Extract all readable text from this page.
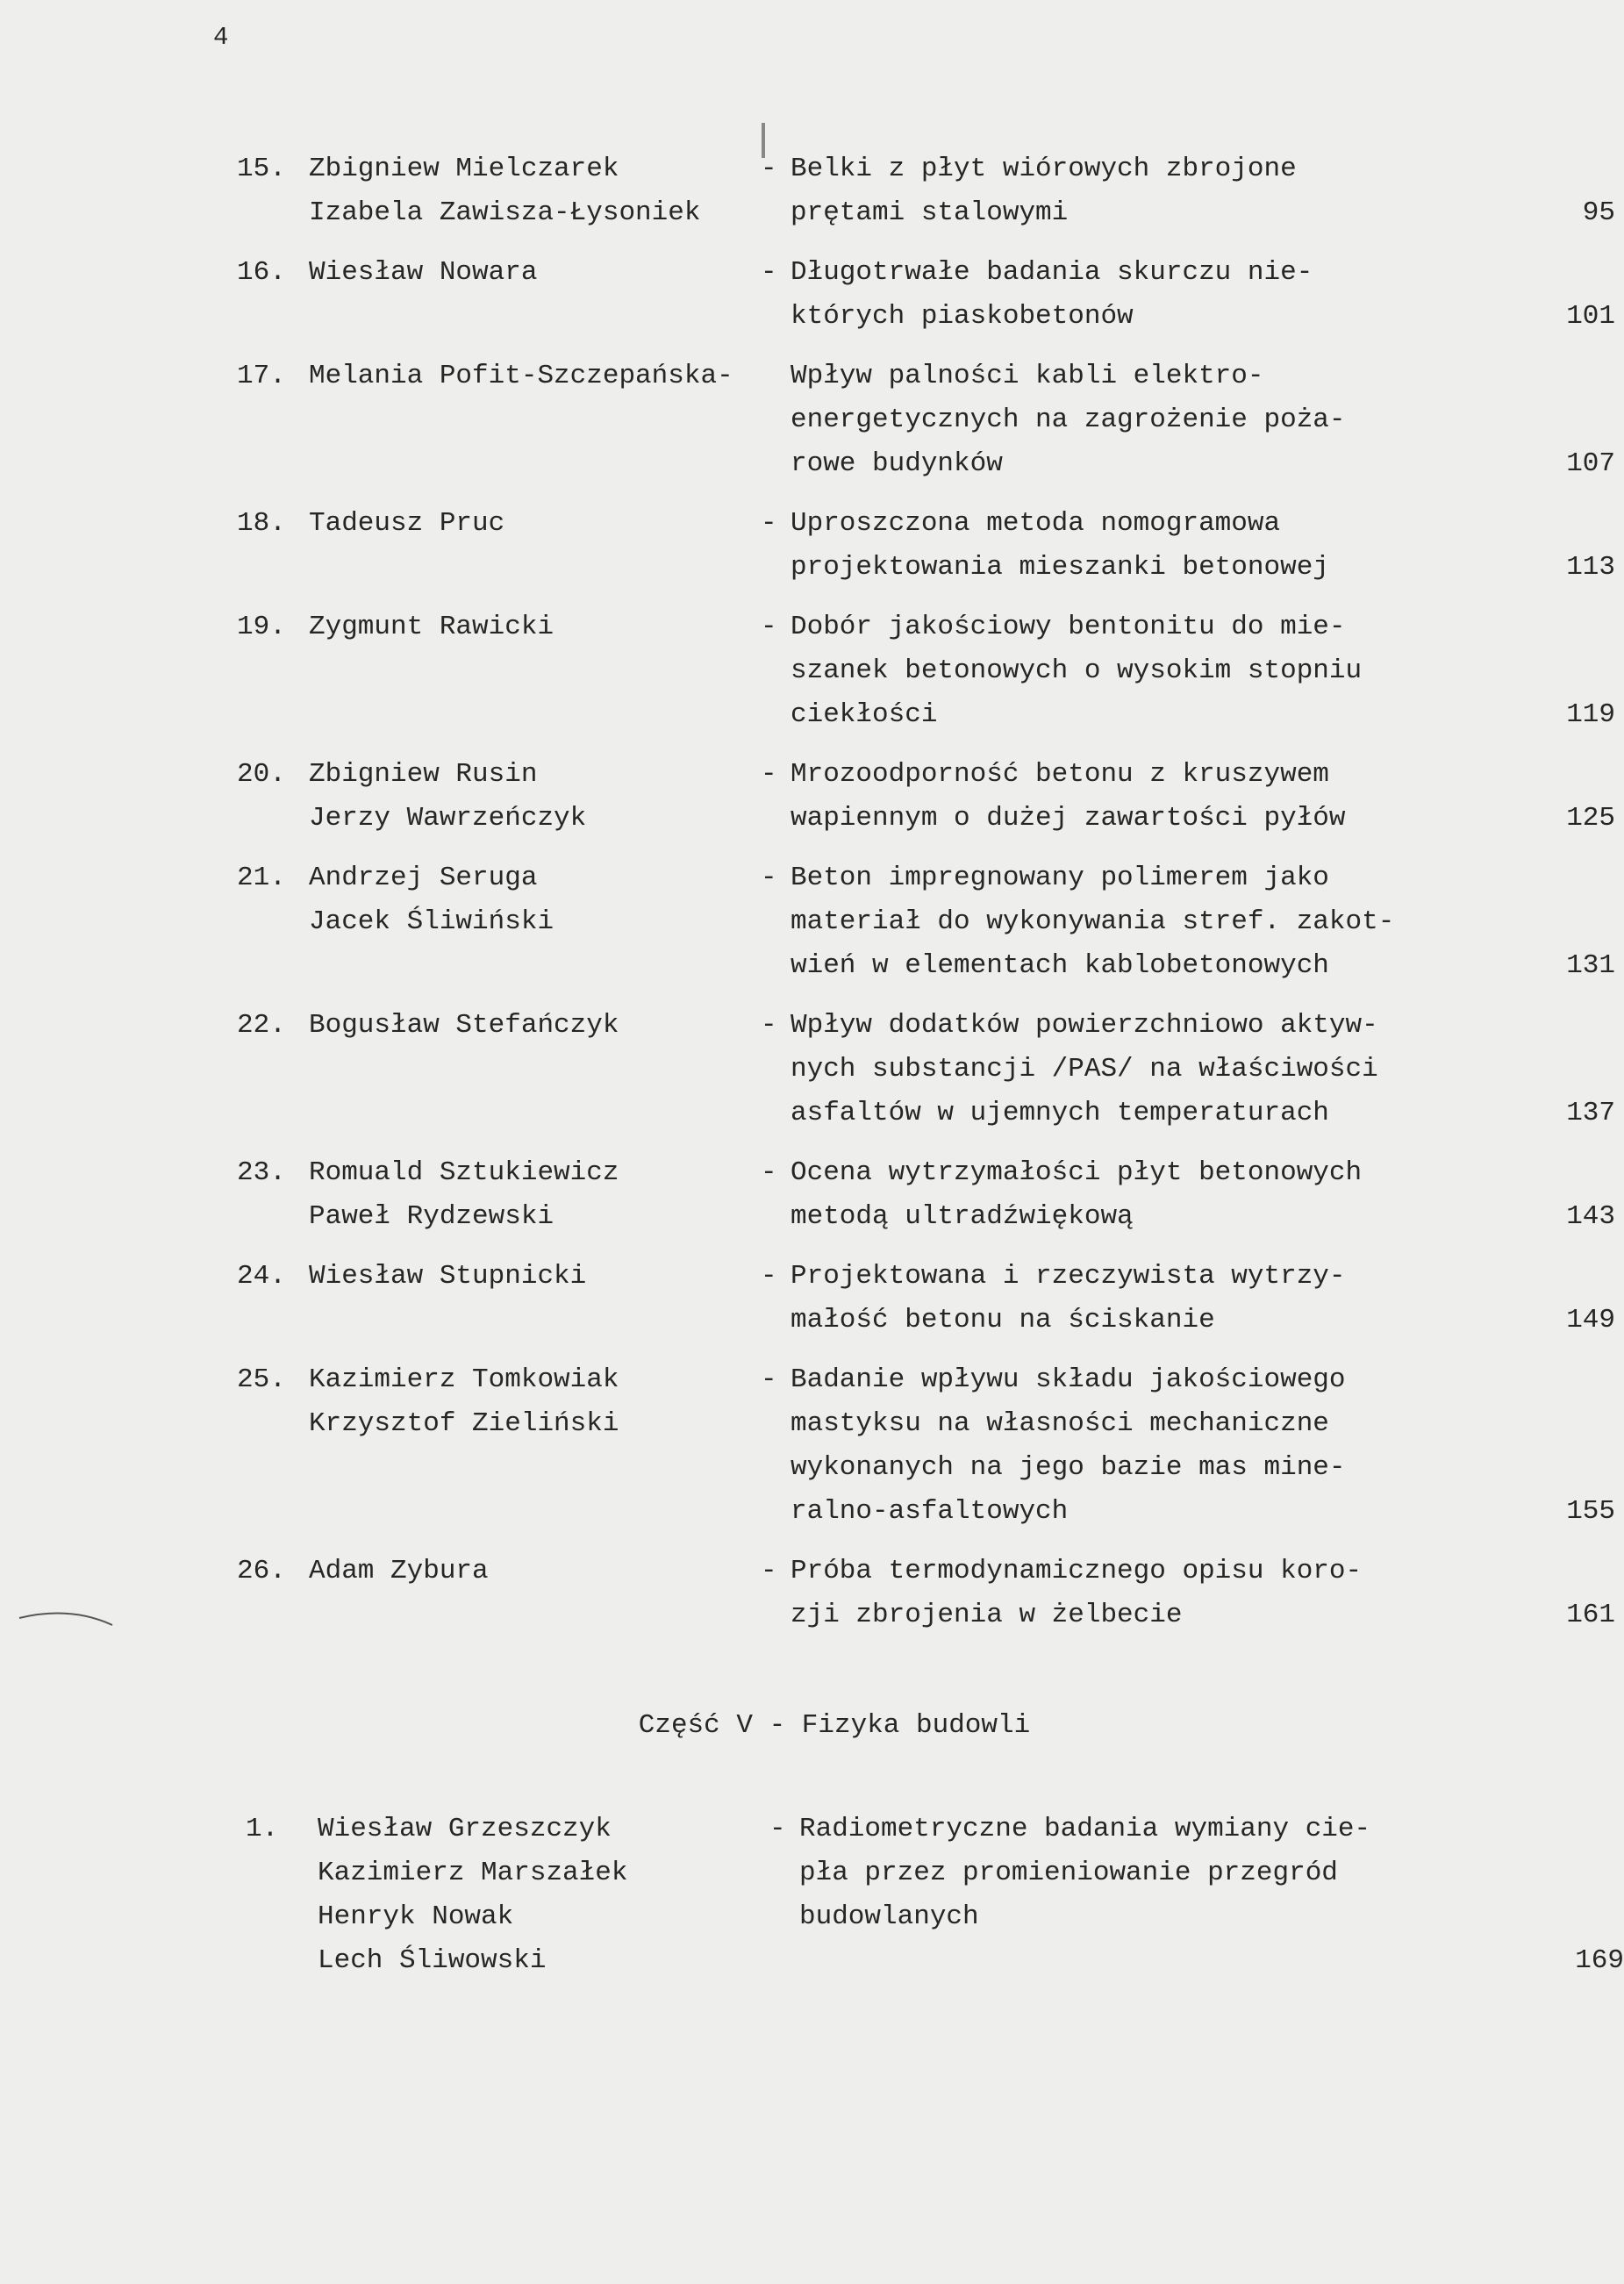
4
15. Zbigniew Mielczarek
Izabela Zawisza-Łysoniek
- Belki z płyt wiórowych zbrojone
prętami stalowymi	95
16. Wiesław Nowara	- Długotrwałe badania skurczu nie-
których piaskobetonów	101
17. Melania Pofit-Szczepańska-	Wpływ palności kabli elektro-
energetycznych na zagrożenie poża-
rowe budynków	107
18. Tadeusz Pruc	- Uproszczona metoda nomogramowa
projektowania mieszanki betonowej	113
19. Zygmunt Rawicki	- Dobór jakościowy bentonitu do mie-
szanek betonowych o wysokim stopniu
ciekłości	119
20. Zbigniew Rusin
Jerzy Wawrzeńczyk
- Mrozoodporność betonu z kruszywem
wapiennym o dużej zawartości pyłów	125
21. Andrzej Seruga
Jacek Śliwiński
- Beton impregnowany polimerem jako
materiał do wykonywania stref. zakot-
wień w elementach kablobetonowych	131
22. Bogusław Stefańczyk	- Wpływ dodatków powierzchniowo aktyw-
nych substancji /PAS/ na właściwości
asfaltów w ujemnych temperaturach	137
23. Romuald Sztukiewicz
Paweł Rydzewski
- Ocena wytrzymałości płyt betonowych
metodą ultradźwiękową	143
24. Wiesław Stupnicki	- Projektowana i rzeczywista wytrzy-
małość betonu na ściskanie	149
25. Kazimierz Tomkowiak
Krzysztof Zieliński
- Badanie wpływu składu jakościowego
mastyksu na własności mechaniczne
wykonanych na jego bazie mas mine-
ralno-asfaltowych	155
26. Adam Zybura	- Próba termodynamicznego opisu koro-
zji zbrojenia w żelbecie	161
Część V - Fizyka budowli
1.	Wiesław Grzeszczyk
Kazimierz Marszałek
Henryk Nowak
Lech Śliwowski
- Radiometryczne badania wymiany cie-
pła przez promieniowanie przegród
budowlanych
169
